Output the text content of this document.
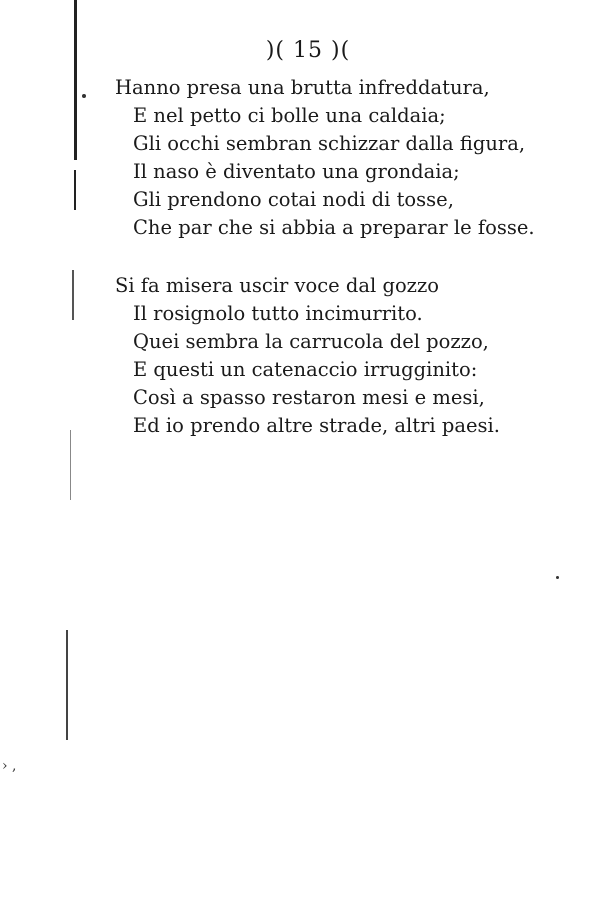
)( 15 )(
Hanno presa una brutta infreddatura,
E nel petto ci bolle una caldaia;
Gli occhi sembran schizzar dalla figura,
Il naso è diventato una grondaia;
Gli prendono cotai nodi di tosse,
Che par che si abbia a preparar le fosse.
Si fa misera uscir voce dal gozzo
Il rosignolo tutto incimurrito.
Quei sembra la carrucola del pozzo,
E questi un catenaccio irrugginito:
Così a spasso restaron mesi e mesi,
Ed io prendo altre strade, altri paesi.
› ,
